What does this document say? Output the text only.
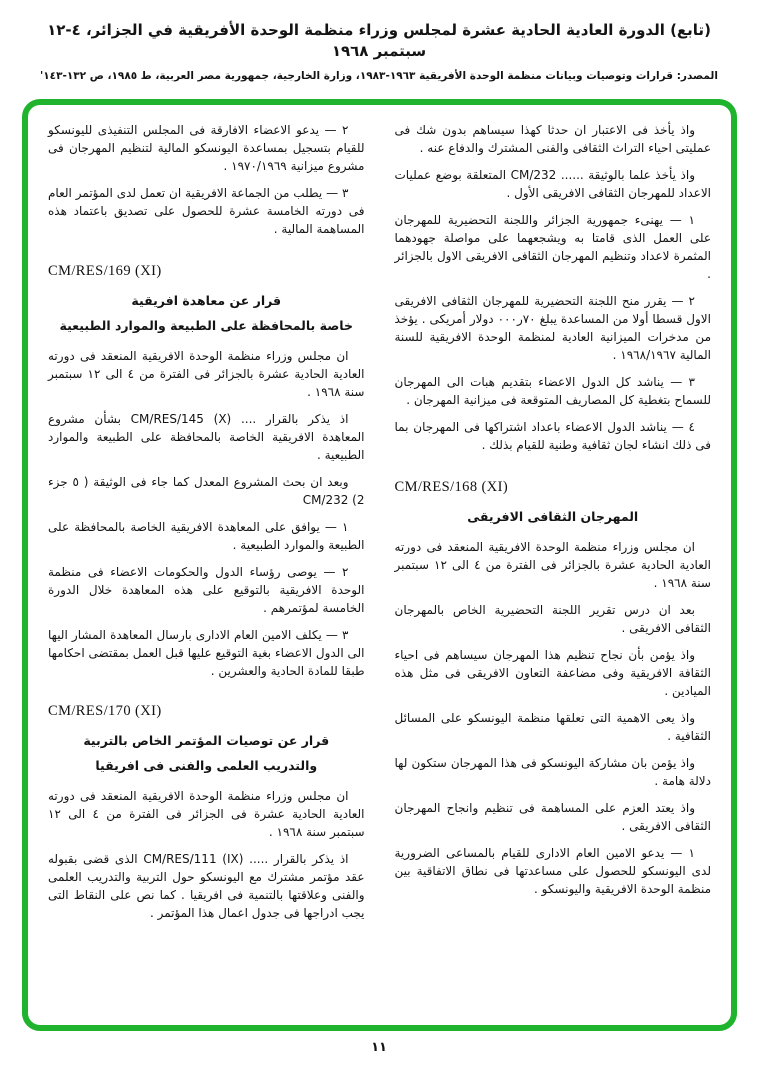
(تابع) الدورة العادية الحادية عشرة لمجلس وزراء منظمة الوحدة الأفريقية في الجزائر، ٤-١٢ سبتمبر ١٩٦٨
المصدر: قرارات وتوصيات وبيانات منظمة الوحدة الأفريقية ١٩٦٣-١٩٨٣، وزارة الخارجية، جمهورية مصر العربية، ط ١٩٨٥، ص ١٣٢-١٤٣'

واذ يأخذ فى الاعتبار ان حدثا كهذا سيساهم بدون شك فى عمليتى احياء التراث الثقافى والفنى المشترك والدفاع عنه .

واذ يأخذ علما بالوثيقة ...... CM/232 المتعلقة بوضع عمليات الاعداد للمهرجان الثقافى الافريقى الأول .

١ — يهنىء جمهورية الجزائر واللجنة التحضيرية للمهرجان على العمل الذى قامتا به ويشجعهما على مواصلة جهودهما المثمرة لاعداد وتنظيم المهرجان الثقافى الافريقى الاول بالجزائر .

٢ — يقرر منح اللجنة التحضيرية للمهرجان الثقافى الافريقى الاول قسطا أولا من المساعدة يبلغ ٧٠ر٠٠٠ دولار أمريكى . يؤخذ من مدخرات الميزانية العادية لمنظمة الوحدة الافريقية للسنة المالية ١٩٦٨/١٩٦٧ .

٣ — يناشد كل الدول الاعضاء بتقديم هبات الى المهرجان للسماح بتغطية كل المصاريف المتوقعة فى ميزانية المهرجان .

٤ — يناشد الدول الاعضاء باعداد اشتراكها فى المهرجان بما فى ذلك انشاء لجان ثقافية وطنية للقيام بذلك .

CM/RES/168 (XI)

المهرجان الثقافى الافريقى

ان مجلس وزراء منظمة الوحدة الافريقية المنعقد فى دورته العادية الحادية عشرة بالجزائر فى الفترة من ٤ الى ١٢ سبتمبر سنة ١٩٦٨ .

بعد ان درس تقرير اللجنة التحضيرية الخاص بالمهرجان الثقافى الافريقى .

واذ يؤمن بأن نجاح تنظيم هذا المهرجان سيساهم فى احياء الثقافة الافريقية وفى مضاعفة التعاون الافريقى فى مثل هذه الميادين .

واذ يعى الاهمية التى تعلقها منظمة اليونسكو على المسائل الثقافية .

واذ يؤمن بان مشاركة اليونسكو فى هذا المهرجان ستكون لها دلالة هامة .

واذ يعتد العزم على المساهمة فى تنظيم وانجاح المهرجان الثقافى الافريقى .

١ — يدعو الامين العام الادارى للقيام بالمساعى الضرورية لدى اليونسكو للحصول على مساعدتها فى نطاق الاتفاقية بين منظمة الوحدة الافريقية واليونسكو .

٢ — يدعو الاعضاء الافارقة فى المجلس التنفيذى لليونسكو للقيام بتسجيل بمساعدة اليونسكو المالية لتنظيم المهرجان فى مشروع ميزانية ١٩٧٠/١٩٦٩ .

٣ — يطلب من الجماعة الافريقية ان تعمل لدى المؤتمر العام فى دورته الخامسة عشرة للحصول على تصديق باعتماد هذه المساهمة المالية .

CM/RES/169 (XI)

قرار عن معاهدة افريقية

خاصة بالمحافظة على الطبيعة والموارد الطبيعية

ان مجلس وزراء منظمة الوحدة الافريقية المنعقد فى دورته العادية الحادية عشرة بالجزائر فى الفترة من ٤ الى ١٢ سبتمبر سنة ١٩٦٨ .

اذ يذكر بالقرار .... ‎CM/RES/145 (X)‎ بشأن مشروع المعاهدة الافريقية الخاصة بالمحافظة على الطبيعة والموارد الطبيعية .

وبعد ان بحث المشروع المعدل كما جاء فى الوثيقة ( ٥ جزء ‎CM/232 (2‎

١ — يوافق على المعاهدة الافريقية الخاصة بالمحافظة على الطبيعة والموارد الطبيعية .

٢ — يوصى رؤساء الدول والحكومات الاعضاء فى منظمة الوحدة الافريقية بالتوقيع على هذه المعاهدة خلال الدورة الخامسة لمؤتمرهم .

٣ — يكلف الامين العام الادارى بارسال المعاهدة المشار اليها الى الدول الاعضاء بغية التوقيع عليها قبل العمل بمقتضى احكامها طبقا للمادة الحادية والعشرين .

CM/RES/170 (XI)

قرار عن توصيات المؤتمر الخاص بالتربية

والتدريب العلمى والفنى فى افريقيا

ان مجلس وزراء منظمة الوحدة الافريقية المنعقد فى دورته العادية الحادية عشرة فى الجزائر فى الفترة من ٤ الى ١٢ سبتمبر سنة ١٩٦٨ .

اذ يذكر بالقرار ..... ‎CM/RES/111 (IX)‎ الذى قضى بقبوله عقد مؤتمر مشترك مع اليونسكو حول التربية والتدريب العلمى والفنى وعلاقتها بالتنمية فى افريقيا . كما نص على النقاط التى يجب ادراجها فى جدول اعمال هذا المؤتمر .

١١
